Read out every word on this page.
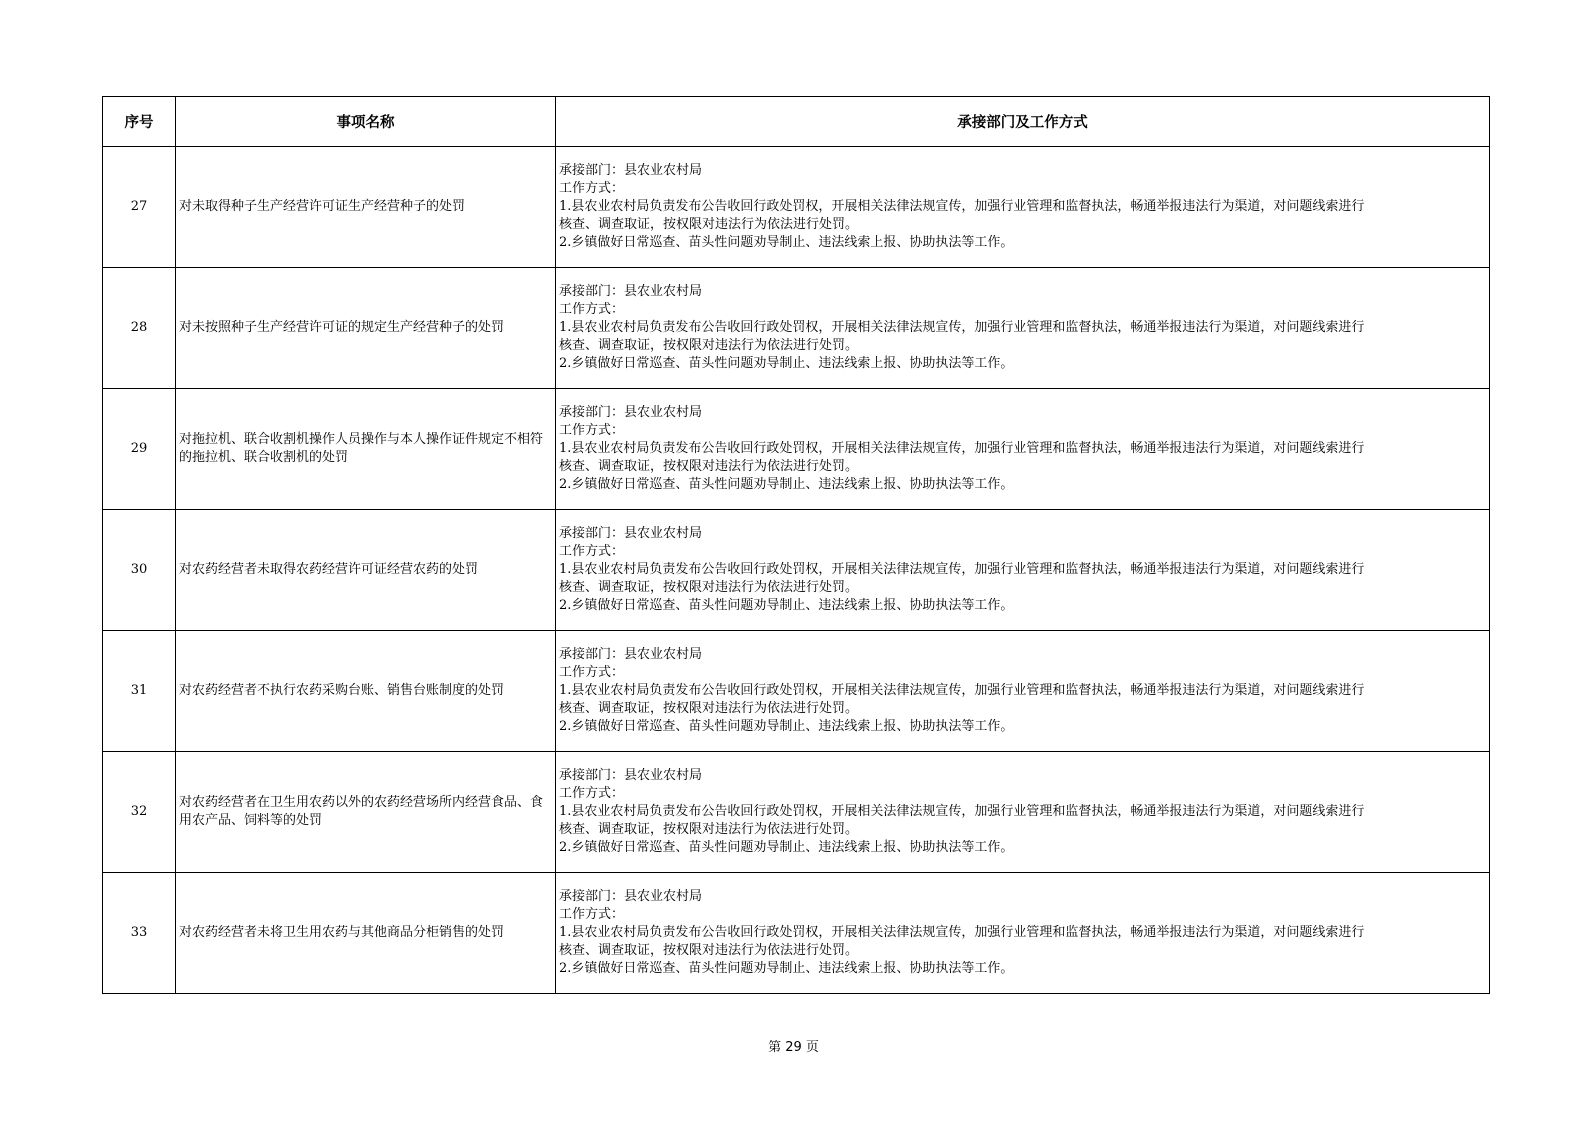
序号	事项名称	承接部门及工作方式
27	对未取得种子生产经营许可证生产经营种子的处罚	承接部门：县农业农村局
工作方式：
1.县农业农村局负责发布公告收回行政处罚权，开展相关法律法规宣传，加强行业管理和监督执法，畅通举报违法行为渠道，对问题线索进行
核查、调查取证，按权限对违法行为依法进行处罚。
2.乡镇做好日常巡查、苗头性问题劝导制止、违法线索上报、协助执法等工作。

28	对未按照种子生产经营许可证的规定生产经营种子的处罚	承接部门：县农业农村局
工作方式：
1.县农业农村局负责发布公告收回行政处罚权，开展相关法律法规宣传，加强行业管理和监督执法，畅通举报违法行为渠道，对问题线索进行
核查、调查取证，按权限对违法行为依法进行处罚。
2.乡镇做好日常巡查、苗头性问题劝导制止、违法线索上报、协助执法等工作。

29	对拖拉机、联合收割机操作人员操作与本人操作证件规定不相符的拖拉机、联合收割机的处罚	承接部门：县农业农村局
工作方式：
1.县农业农村局负责发布公告收回行政处罚权，开展相关法律法规宣传，加强行业管理和监督执法，畅通举报违法行为渠道，对问题线索进行
核查、调查取证，按权限对违法行为依法进行处罚。
2.乡镇做好日常巡查、苗头性问题劝导制止、违法线索上报、协助执法等工作。

30	对农药经营者未取得农药经营许可证经营农药的处罚	承接部门：县农业农村局
工作方式：
1.县农业农村局负责发布公告收回行政处罚权，开展相关法律法规宣传，加强行业管理和监督执法，畅通举报违法行为渠道，对问题线索进行
核查、调查取证，按权限对违法行为依法进行处罚。
2.乡镇做好日常巡查、苗头性问题劝导制止、违法线索上报、协助执法等工作。

31	对农药经营者不执行农药采购台账、销售台账制度的处罚	承接部门：县农业农村局
工作方式：
1.县农业农村局负责发布公告收回行政处罚权，开展相关法律法规宣传，加强行业管理和监督执法，畅通举报违法行为渠道，对问题线索进行
核查、调查取证，按权限对违法行为依法进行处罚。
2.乡镇做好日常巡查、苗头性问题劝导制止、违法线索上报、协助执法等工作。

32	对农药经营者在卫生用农药以外的农药经营场所内经营食品、食用农产品、饲料等的处罚	承接部门：县农业农村局
工作方式：
1.县农业农村局负责发布公告收回行政处罚权，开展相关法律法规宣传，加强行业管理和监督执法，畅通举报违法行为渠道，对问题线索进行
核查、调查取证，按权限对违法行为依法进行处罚。
2.乡镇做好日常巡查、苗头性问题劝导制止、违法线索上报、协助执法等工作。

33	对农药经营者未将卫生用农药与其他商品分柜销售的处罚	承接部门：县农业农村局
工作方式：
1.县农业农村局负责发布公告收回行政处罚权，开展相关法律法规宣传，加强行业管理和监督执法，畅通举报违法行为渠道，对问题线索进行
核查、调查取证，按权限对违法行为依法进行处罚。
2.乡镇做好日常巡查、苗头性问题劝导制止、违法线索上报、协助执法等工作。
第 29 页
